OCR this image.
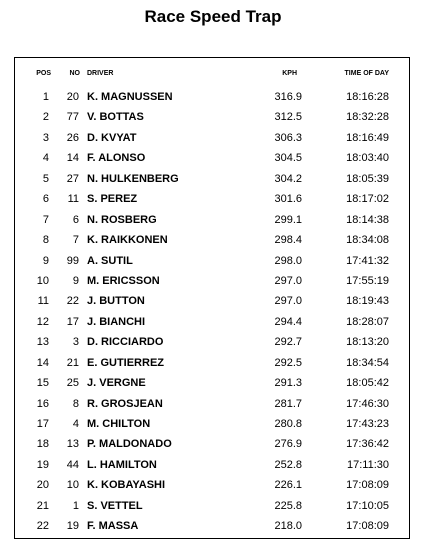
Race Speed Trap
POS	NO DRIVER	KPH	TIME OF DAY
1	20 K. MAGNUSSEN	316.9	18:16:28
2	77 V. BOTTAS	312.5	18:32:28
3	26 D. KVYAT	306.3	18:16:49
4	14 F. ALONSO	304.5	18:03:40
5	27 N. HULKENBERG	304.2	18:05:39
6	11 S. PEREZ	301.6	18:17:02
7	6 N. ROSBERG	299.1	18:14:38
8	7 K. RAIKKONEN	298.4	18:34:08
9	99 A. SUTIL	298.0	17:41:32
10	9 M. ERICSSON	297.0	17:55:19
11	22 J. BUTTON	297.0	18:19:43
12	17 J. BIANCHI	294.4	18:28:07
13	3 D. RICCIARDO	292.7	18:13:20
14	21 E. GUTIERREZ	292.5	18:34:54
15	25 J. VERGNE	291.3	18:05:42
16	8 R. GROSJEAN	281.7	17:46:30
17	4 M. CHILTON	280.8	17:43:23
18	13 P. MALDONADO	276.9	17:36:42
19	44 L. HAMILTON	252.8	17:11:30
20	10 K. KOBAYASHI	226.1	17:08:09
21	1 S. VETTEL	225.8	17:10:05
22	19 F. MASSA	218.0	17:08:09
